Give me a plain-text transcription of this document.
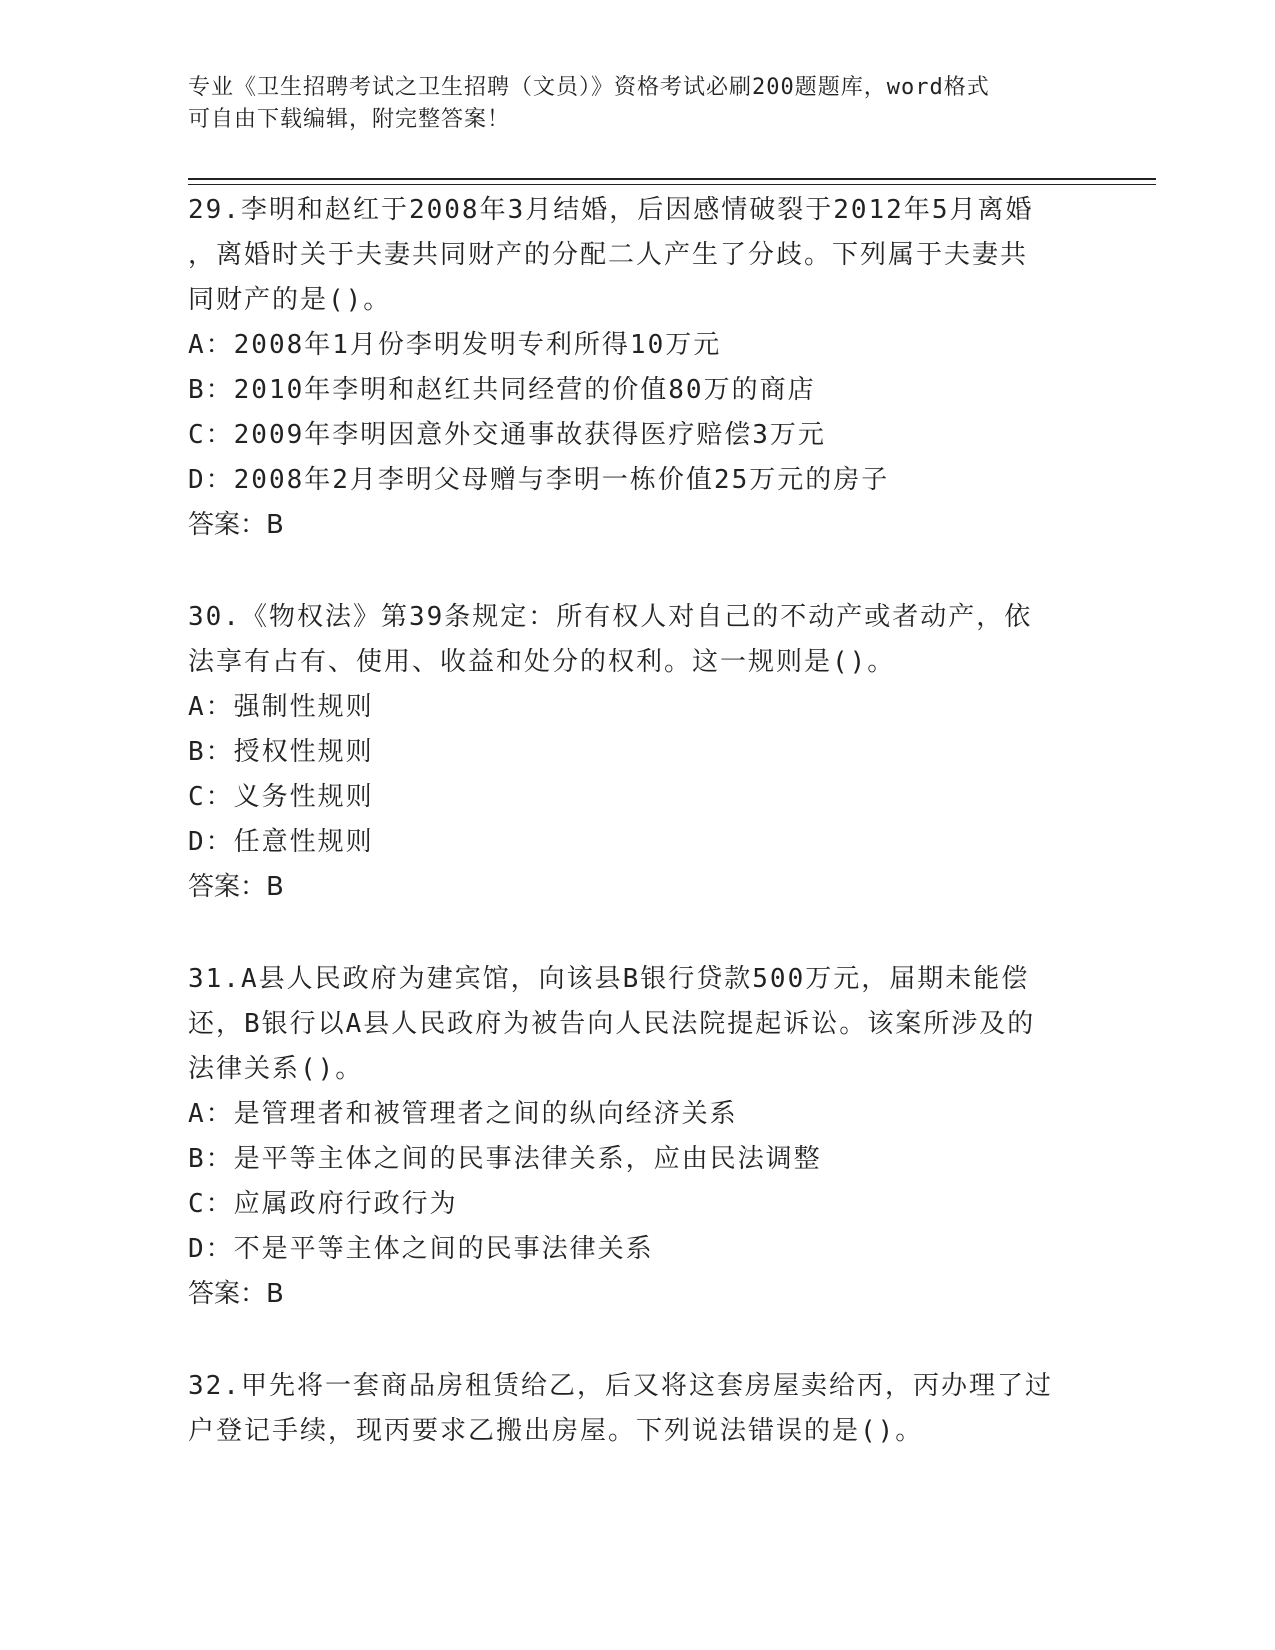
专业《卫生招聘考试之卫生招聘（文员）》资格考试必刷200题题库，word格式
可自由下载编辑，附完整答案！
29.李明和赵红于2008年3月结婚，后因感情破裂于2012年5月离婚
，离婚时关于夫妻共同财产的分配二人产生了分歧。下列属于夫妻共
同财产的是()。
A：2008年1月份李明发明专利所得10万元
B：2010年李明和赵红共同经营的价值80万的商店
C：2009年李明因意外交通事故获得医疗赔偿3万元
D：2008年2月李明父母赠与李明一栋价值25万元的房子
答案：B
30.《物权法》第39条规定：所有权人对自己的不动产或者动产，依
法享有占有、使用、收益和处分的权利。这一规则是()。
A：强制性规则
B：授权性规则
C：义务性规则
D：任意性规则
答案：B
31.A县人民政府为建宾馆，向该县B银行贷款500万元，届期未能偿
还，B银行以A县人民政府为被告向人民法院提起诉讼。该案所涉及的
法律关系()。
A：是管理者和被管理者之间的纵向经济关系
B：是平等主体之间的民事法律关系，应由民法调整
C：应属政府行政行为
D：不是平等主体之间的民事法律关系
答案：B
32.甲先将一套商品房租赁给乙，后又将这套房屋卖给丙，丙办理了过
户登记手续，现丙要求乙搬出房屋。下列说法错误的是()。
